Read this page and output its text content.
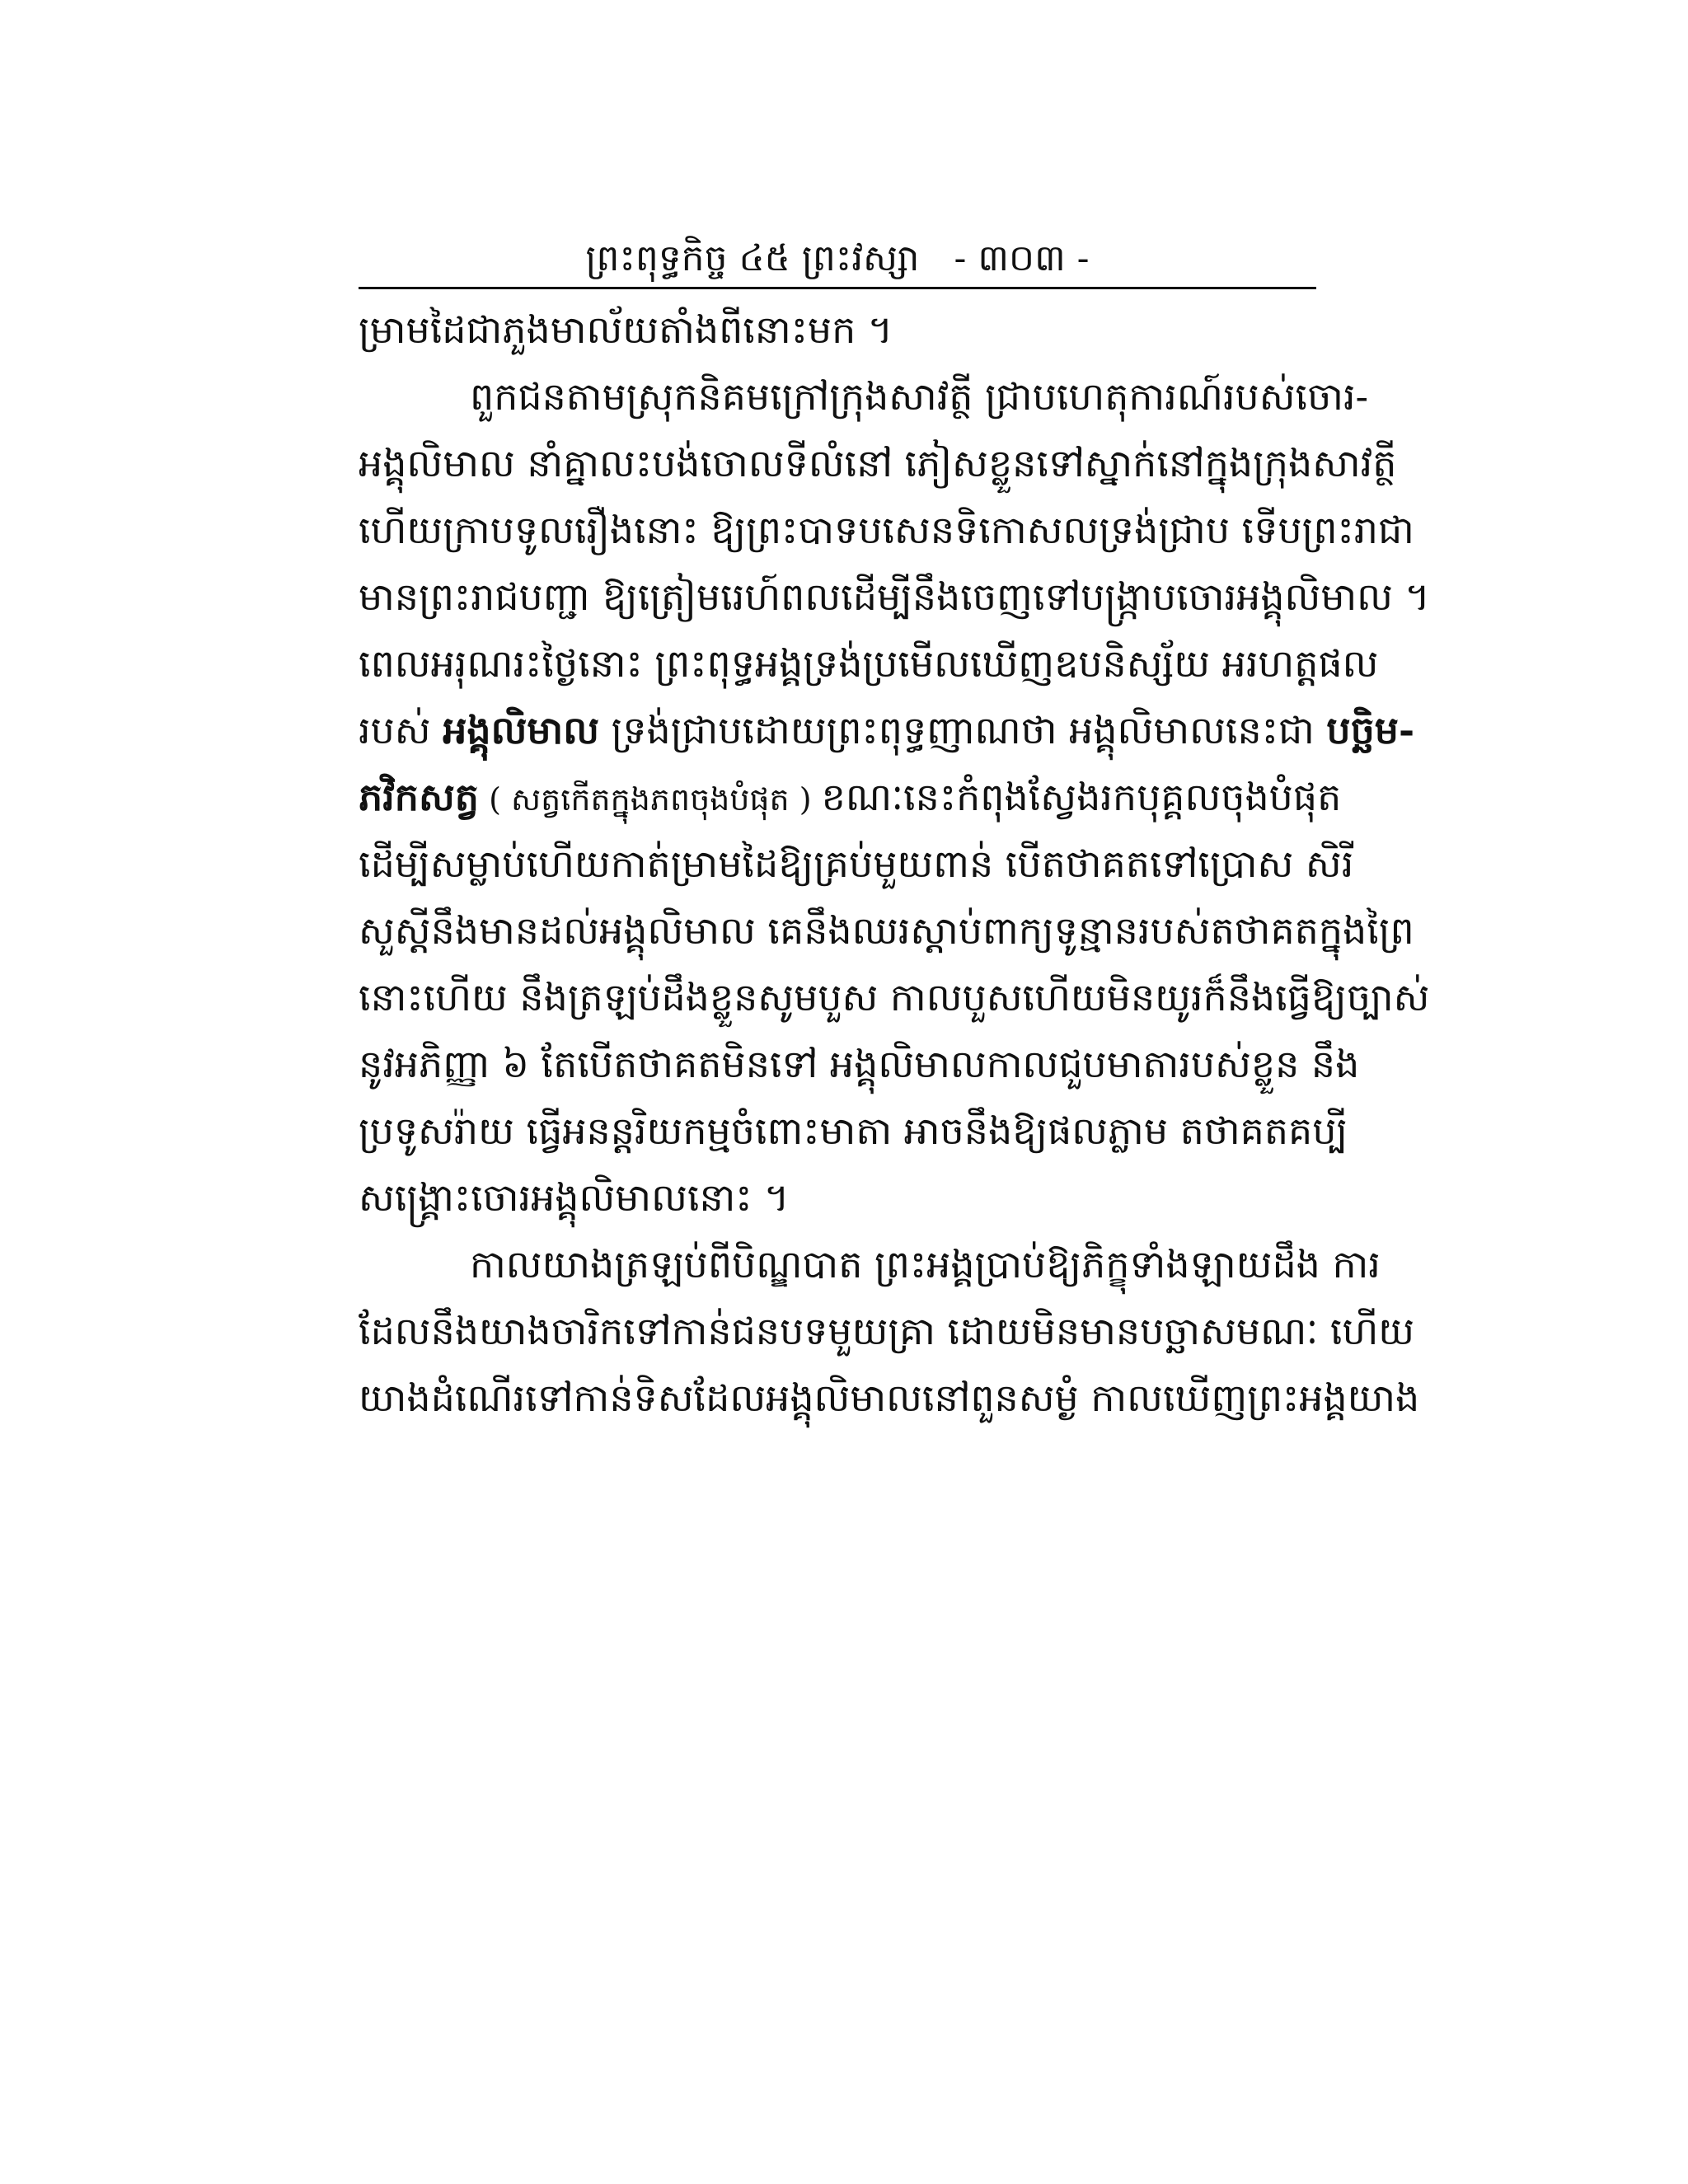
ព្រះពុទ្ធកិច្ច ៤៥ ព្រះវស្សា - ៣០៣ -
ម្រាមដៃជាភួងមាល័យតាំងពីនោះមក ។
ពួកជនតាមស្រុកនិគមក្រៅក្រុងសាវត្ថី ជ្រាបហេតុការណ៍របស់ចោរ-
អង្គុលិមាល នាំគ្នាលះបង់ចោលទីលំនៅ ភៀសខ្លួនទៅស្នាក់នៅក្នុងក្រុងសាវត្ថី
ហើយក្រាបទូលរឿងនោះ ឱ្យព្រះបាទបសេនទិកោសលទ្រង់ជ្រាប ទើបព្រះរាជា
មានព្រះរាជបញ្ជា ឱ្យត្រៀមរេហ៍ពលដើម្បីនឹងចេញទៅបង្ក្រាបចោរអង្គុលិមាល ។
ពេលអរុណរះថ្ងៃនោះ ព្រះពុទ្ធអង្គទ្រង់ប្រមើលឃើញឧបនិស្ស័យ អរហត្តផល
របស់ អង្គុលិមាល ទ្រង់ជ្រាបដោយព្រះពុទ្ធញាណថា អង្គុលិមាលនេះជា បច្ឆិម-
ភវិកសត្វ ( សត្វកើតក្នុងភពចុងបំផុត ) ខណៈនេះកំពុងស្វែងរកបុគ្គលចុងបំផុត
ដើម្បីសម្លាប់ហើយកាត់ម្រាមដៃឱ្យគ្រប់មួយពាន់ បើតថាគតទៅប្រោស សិរី
សួស្តីនឹងមានដល់អង្គុលិមាល គេនឹងឈរស្តាប់ពាក្យទូន្មានរបស់តថាគតក្នុងព្រៃ
នោះហើយ នឹងត្រឡប់ដឹងខ្លួនសូមបួស កាលបួសហើយមិនយូរក៏នឹងធ្វើឱ្យច្បាស់
នូវអភិញ្ញា ៦ តែបើតថាគតមិនទៅ អង្គុលិមាលកាលជួបមាតារបស់ខ្លួន នឹង
ប្រទូសរ៉ាយ ធ្វើអនន្តរិយកម្មចំពោះមាតា អាចនឹងឱ្យផលភ្លាម តថាគតគប្បី
សង្គ្រោះចោរអង្គុលិមាលនោះ ។
កាលយាងត្រឡប់ពីបិណ្ឌបាត ព្រះអង្គប្រាប់ឱ្យភិក្ខុទាំងឡាយដឹង ការ
ដែលនឹងយាងចារិកទៅកាន់ជនបទមួយគ្រា ដោយមិនមានបច្ឆាសមណៈ ហើយ
យាងដំណើរទៅកាន់ទិសដែលអង្គុលិមាលនៅពួនសម្ងំ កាលឃើញព្រះអង្គយាង
